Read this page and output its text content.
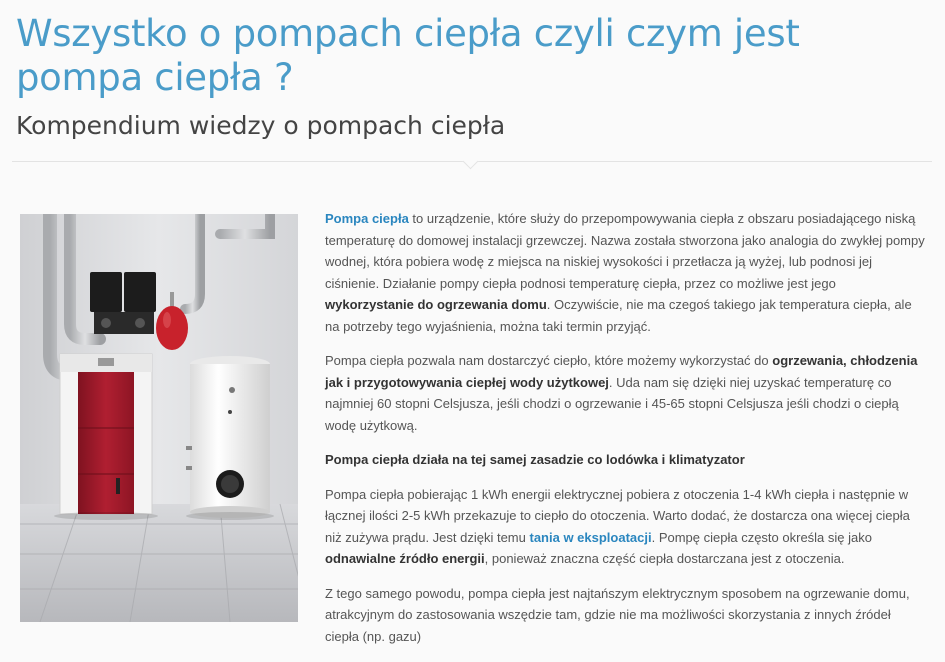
Wszystko o pompach ciepła czyli czym jest pompa ciepła ?
Kompendium wiedzy o pompach ciepła

Pompa ciepła to urządzenie, które służy do przepompowywania ciepła z obszaru posiadającego niską temperaturę do domowej instalacji grzewczej. Nazwa została stworzona jako analogia do zwykłej pompy wodnej, która pobiera wodę z miejsca na niskiej wysokości i przetłacza ją wyżej, lub podnosi jej ciśnienie. Działanie pompy ciepła podnosi temperaturę ciepła, przez co możliwe jest jego wykorzystanie do ogrzewania domu. Oczywiście, nie ma czegoś takiego jak temperatura ciepła, ale na potrzeby tego wyjaśnienia, można taki termin przyjąć.

Pompa ciepła pozwala nam dostarczyć ciepło, które możemy wykorzystać do ogrzewania, chłodzenia jak i przygotowywania ciepłej wody użytkowej. Uda nam się dzięki niej uzyskać temperaturę co najmniej 60 stopni Celsjusza, jeśli chodzi o ogrzewanie i 45-65 stopni Celsjusza jeśli chodzi o ciepłą wodę użytkową.

Pompa ciepła działa na tej samej zasadzie co lodówka i klimatyzator

Pompa ciepła pobierając 1 kWh energii elektrycznej pobiera z otoczenia 1-4 kWh ciepła i następnie w łącznej ilości 2-5 kWh przekazuje to ciepło do otoczenia. Warto dodać, że dostarcza ona więcej ciepła niż zużywa prądu. Jest dzięki temu tania w eksploatacji. Pompę ciepła często określa się jako odnawialne źródło energii, ponieważ znaczna część ciepła dostarczana jest z otoczenia.

Z tego samego powodu, pompa ciepła jest najtańszym elektrycznym sposobem na ogrzewanie domu, atrakcyjnym do zastosowania wszędzie tam, gdzie nie ma możliwości skorzystania z innych źródeł ciepła (np. gazu)
